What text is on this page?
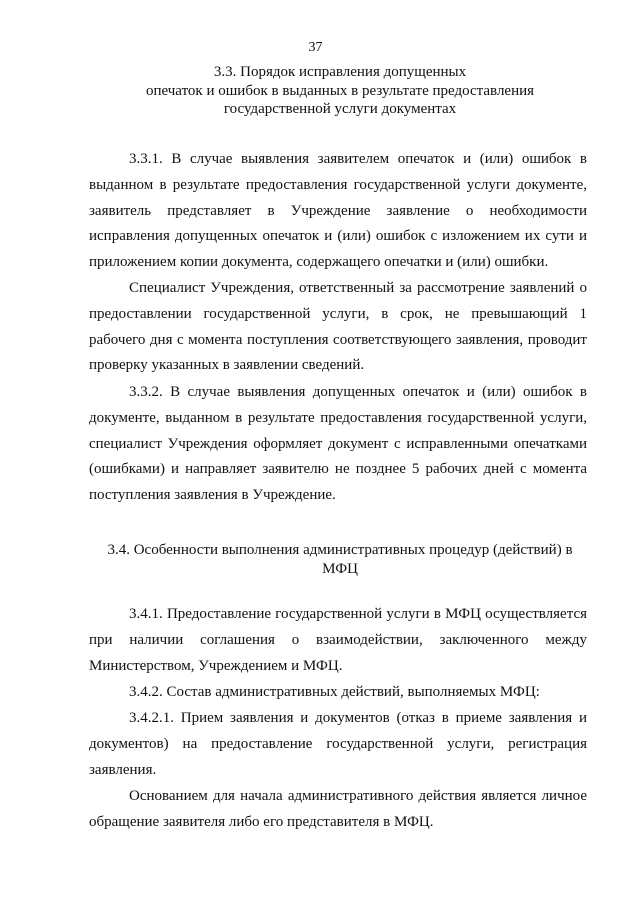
37
3.3. Порядок исправления допущенных
опечаток и ошибок в выданных в результате предоставления
государственной услуги документах

3.3.1. В случае выявления заявителем опечаток и (или) ошибок в выданном в результате предоставления государственной услуги документе, заявитель представляет в Учреждение заявление о необходимости исправления допущенных опечаток и (или) ошибок с изложением их сути и приложением копии документа, содержащего опечатки и (или) ошибки.

Специалист Учреждения, ответственный за рассмотрение заявлений о предоставлении государственной услуги, в срок, не превышающий 1 рабочего дня с момента поступления соответствующего заявления, проводит проверку указанных в заявлении сведений.

3.3.2. В случае выявления допущенных опечаток и (или) ошибок в документе, выданном в результате предоставления государственной услуги, специалист Учреждения оформляет документ с исправленными опечатками (ошибками) и направляет заявителю не позднее 5 рабочих дней с момента поступления заявления в Учреждение.

3.4. Особенности выполнения административных процедур (действий) в
МФЦ

3.4.1. Предоставление государственной услуги в МФЦ осуществляется при наличии соглашения о взаимодействии, заключенного между Министерством, Учреждением и МФЦ.

3.4.2. Состав административных действий, выполняемых МФЦ:

3.4.2.1. Прием заявления и документов (отказ в приеме заявления и документов) на предоставление государственной услуги, регистрация заявления.

Основанием для начала административного действия является личное обращение заявителя либо его представителя в МФЦ.
